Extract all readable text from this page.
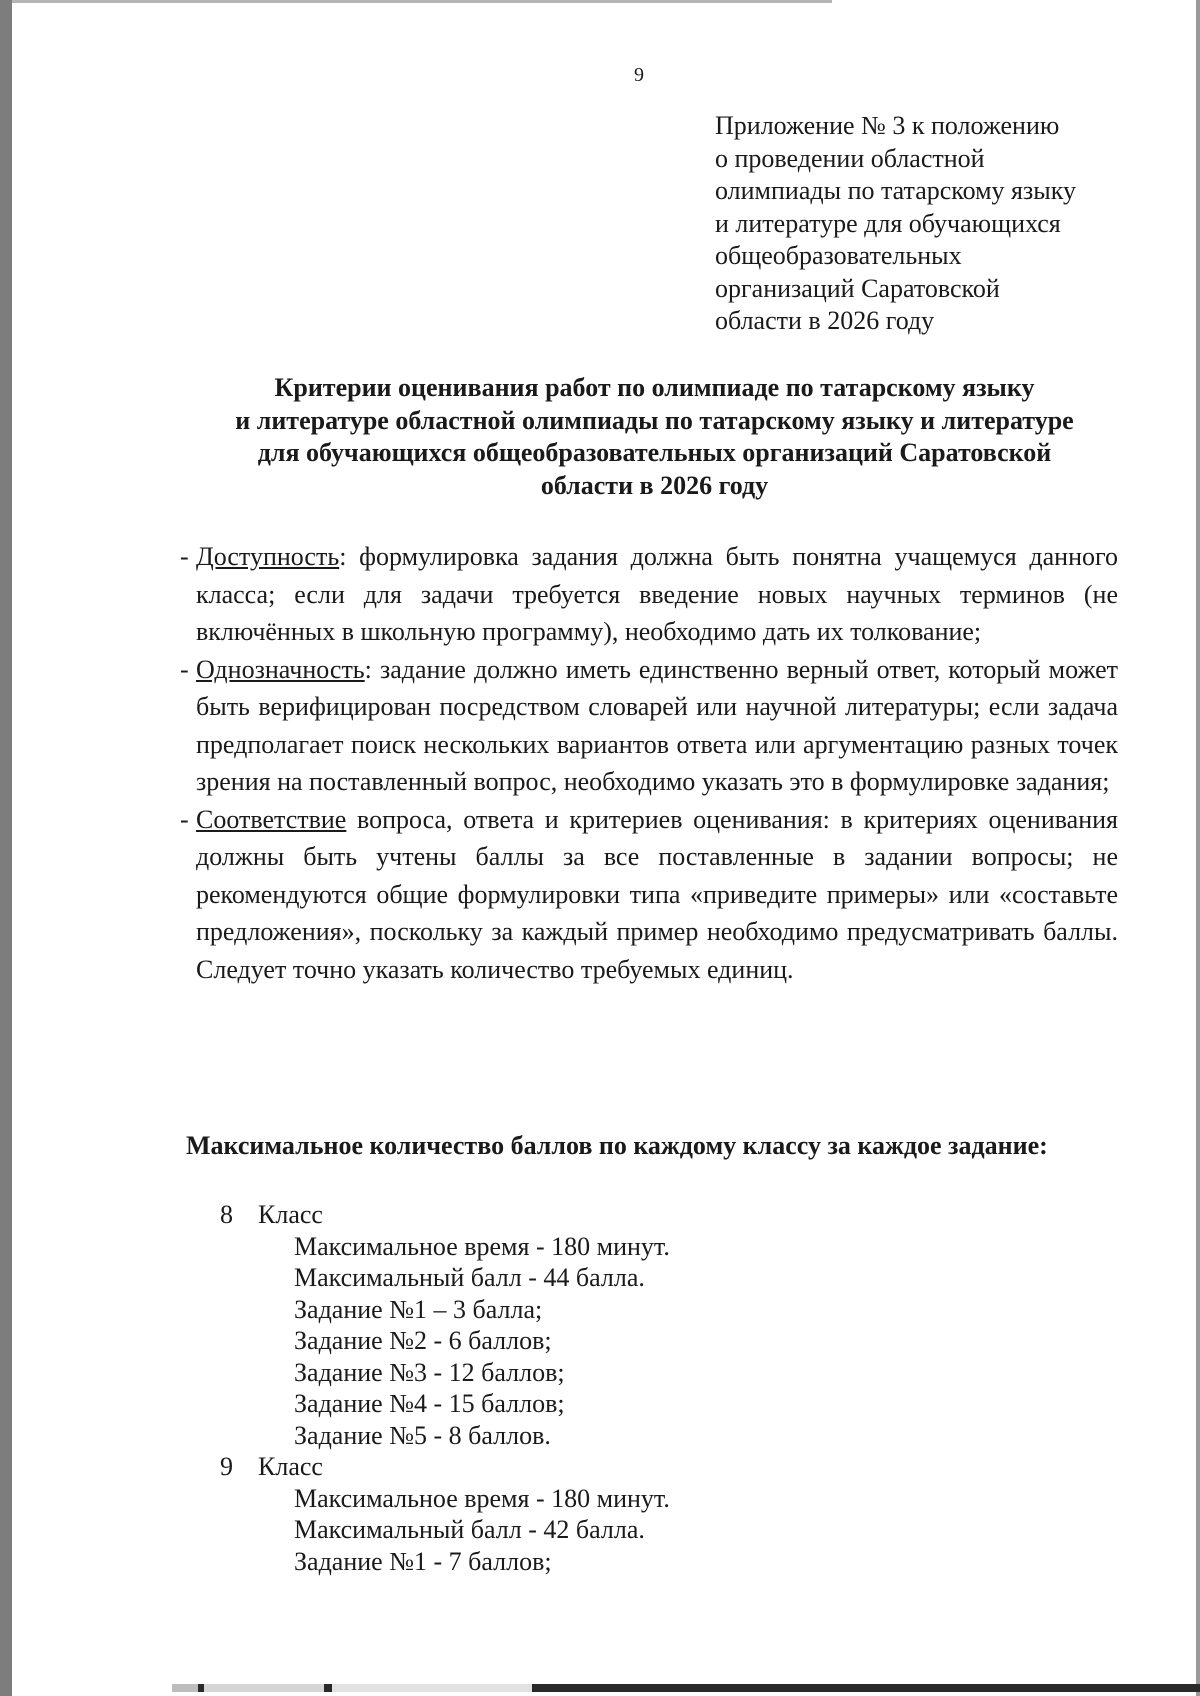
9
Приложение № 3 к положению
о проведении областной
олимпиады по татарскому языку
и литературе для обучающихся
общеобразовательных
организаций Саратовской
области в 2026 году
Критерии оценивания работ по олимпиаде по татарскому языку
и литературе областной олимпиады по татарскому языку и литературе
для обучающихся общеобразовательных организаций Саратовской
области в 2026 году
- Доступность: формулировка задания должна быть понятна учащемуся данного класса; если для задачи требуется введение новых научных терминов (не включённых в школьную программу), необходимо дать их толкование;
- Однозначность: задание должно иметь единственно верный ответ, который может быть верифицирован посредством словарей или научной литературы; если задача предполагает поиск нескольких вариантов ответа или аргументацию разных точек зрения на поставленный вопрос, необходимо указать это в формулировке задания;
- Соответствие вопроса, ответа и критериев оценивания: в критериях оценивания должны быть учтены баллы за все поставленные в задании вопросы; не рекомендуются общие формулировки типа «приведите примеры» или «составьте предложения», поскольку за каждый пример необходимо предусматривать баллы. Следует точно указать количество требуемых единиц.
Максимальное количество баллов по каждому классу за каждое задание:
8 Класс
Максимальное время - 180 минут.
Максимальный балл - 44 балла.
Задание №1 – 3 балла;
Задание №2 - 6 баллов;
Задание №3 - 12 баллов;
Задание №4 - 15 баллов;
Задание №5 - 8 баллов.
9 Класс
Максимальное время - 180 минут.
Максимальный балл - 42 балла.
Задание №1 - 7 баллов;
